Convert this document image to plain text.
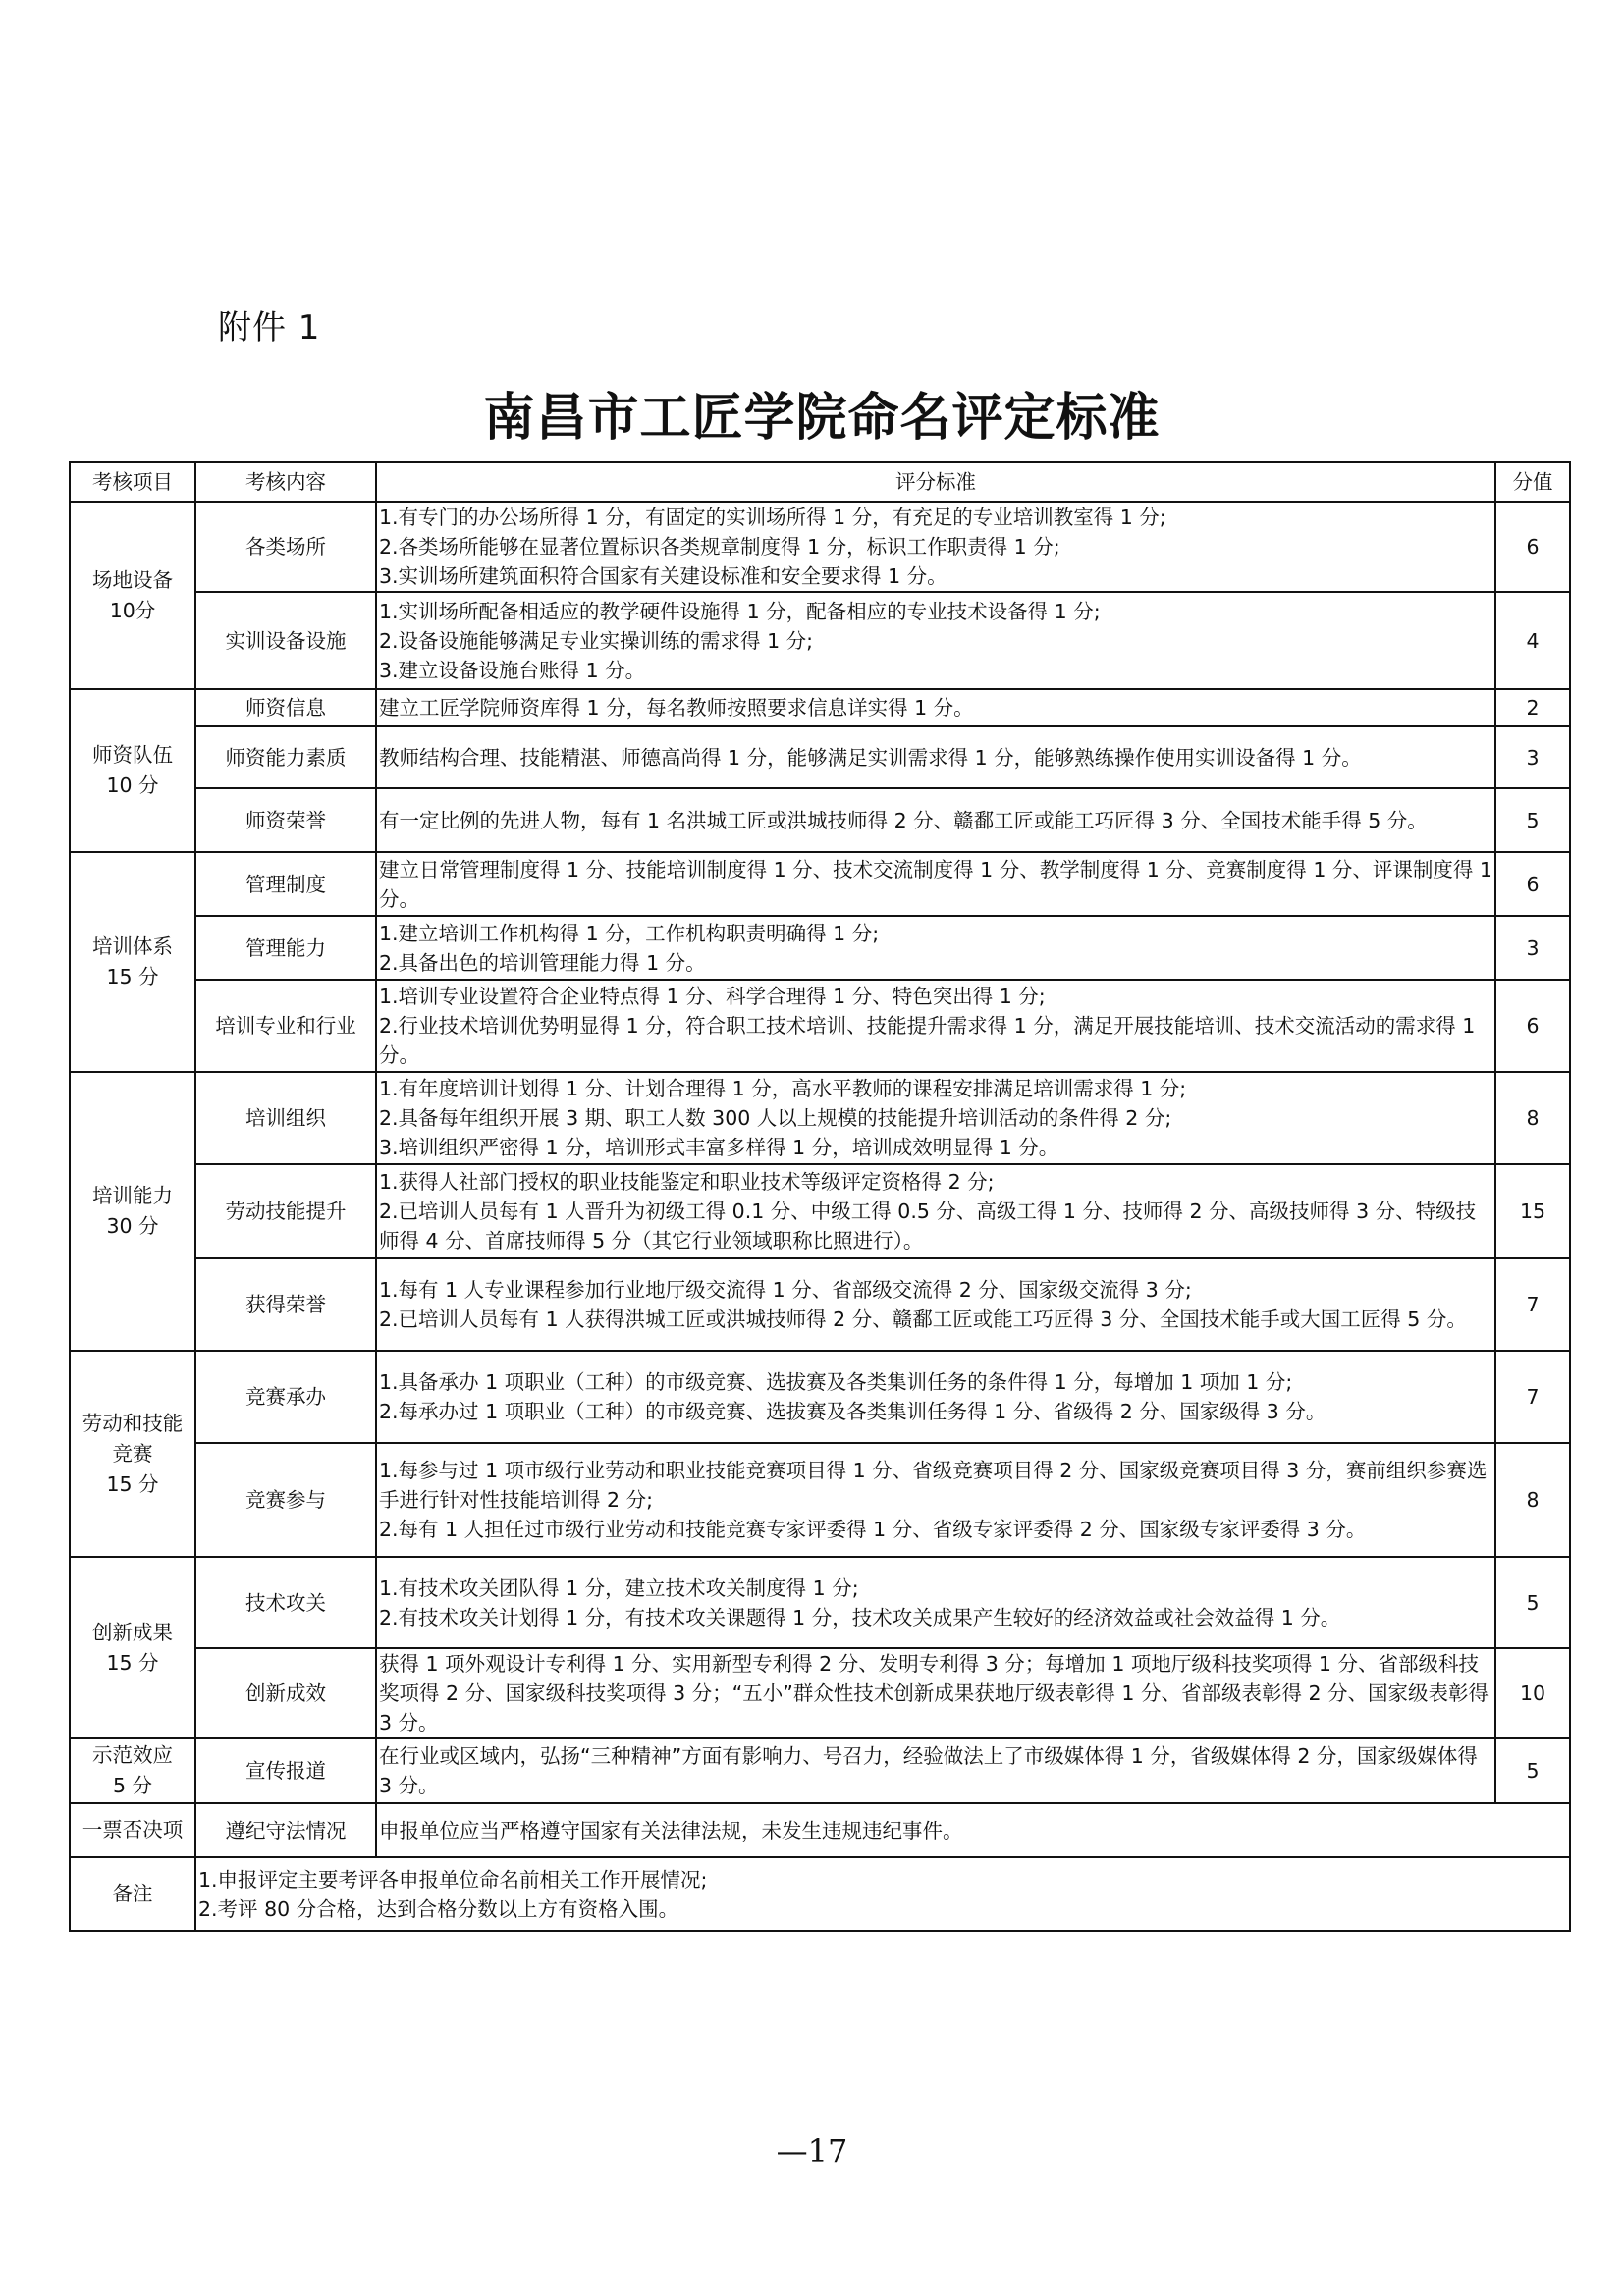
附件 1
南昌市工匠学院命名评定标准
考核项目	考核内容	评分标准	分值
场地设备
10分	各类场所	1.有专门的办公场所得 1 分，有固定的实训场所得 1 分，有充足的专业培训教室得 1 分;
2.各类场所能够在显著位置标识各类规章制度得 1 分，标识工作职责得 1 分;
3.实训场所建筑面积符合国家有关建设标准和安全要求得 1 分。	6
	实训设备设施	1.实训场所配备相适应的教学硬件设施得 1 分，配备相应的专业技术设备得 1 分;
2.设备设施能够满足专业实操训练的需求得 1 分;
3.建立设备设施台账得 1 分。	4
师资队伍
10 分	师资信息	建立工匠学院师资库得 1 分，每名教师按照要求信息详实得 1 分。	2
	师资能力素质	教师结构合理、技能精湛、师德高尚得 1 分，能够满足实训需求得 1 分，能够熟练操作使用实训设备得 1 分。	3
	师资荣誉	有一定比例的先进人物，每有 1 名洪城工匠或洪城技师得 2 分、赣鄱工匠或能工巧匠得 3 分、全国技术能手得 5 分。	5
培训体系
15 分	管理制度	建立日常管理制度得 1 分、技能培训制度得 1 分、技术交流制度得 1 分、教学制度得 1 分、竞赛制度得 1 分、评课制度得 1 分。	6
	管理能力	1.建立培训工作机构得 1 分，工作机构职责明确得 1 分;
2.具备出色的培训管理能力得 1 分。	3
	培训专业和行业	1.培训专业设置符合企业特点得 1 分、科学合理得 1 分、特色突出得 1 分;
2.行业技术培训优势明显得 1 分，符合职工技术培训、技能提升需求得 1 分，满足开展技能培训、技术交流活动的需求得 1 分。	6
培训能力
30 分	培训组织	1.有年度培训计划得 1 分、计划合理得 1 分，高水平教师的课程安排满足培训需求得 1 分;
2.具备每年组织开展 3 期、职工人数 300 人以上规模的技能提升培训活动的条件得 2 分;
3.培训组织严密得 1 分，培训形式丰富多样得 1 分，培训成效明显得 1 分。	8
	劳动技能提升	1.获得人社部门授权的职业技能鉴定和职业技术等级评定资格得 2 分;
2.已培训人员每有 1 人晋升为初级工得 0.1 分、中级工得 0.5 分、高级工得 1 分、技师得 2 分、高级技师得 3 分、特级技师得 4 分、首席技师得 5 分（其它行业领域职称比照进行）。	15
	获得荣誉	1.每有 1 人专业课程参加行业地厅级交流得 1 分、省部级交流得 2 分、国家级交流得 3 分;
2.已培训人员每有 1 人获得洪城工匠或洪城技师得 2 分、赣鄱工匠或能工巧匠得 3 分、全国技术能手或大国工匠得 5 分。	7
劳动和技能
竞赛
15 分	竞赛承办	1.具备承办 1 项职业（工种）的市级竞赛、选拔赛及各类集训任务的条件得 1 分，每增加 1 项加 1 分;
2.每承办过 1 项职业（工种）的市级竞赛、选拔赛及各类集训任务得 1 分、省级得 2 分、国家级得 3 分。	7
	竞赛参与	1.每参与过 1 项市级行业劳动和职业技能竞赛项目得 1 分、省级竞赛项目得 2 分、国家级竞赛项目得 3 分，赛前组织参赛选手进行针对性技能培训得 2 分;
2.每有 1 人担任过市级行业劳动和技能竞赛专家评委得 1 分、省级专家评委得 2 分、国家级专家评委得 3 分。	8
创新成果
15 分	技术攻关	1.有技术攻关团队得 1 分，建立技术攻关制度得 1 分;
2.有技术攻关计划得 1 分，有技术攻关课题得 1 分，技术攻关成果产生较好的经济效益或社会效益得 1 分。	5
	创新成效	获得 1 项外观设计专利得 1 分、实用新型专利得 2 分、发明专利得 3 分；每增加 1 项地厅级科技奖项得 1 分、省部级科技奖项得 2 分、国家级科技奖项得 3 分；“五小”群众性技术创新成果获地厅级表彰得 1 分、省部级表彰得 2 分、国家级表彰得 3 分。	10
示范效应
5 分	宣传报道	在行业或区域内，弘扬“三种精神”方面有影响力、号召力，经验做法上了市级媒体得 1 分，省级媒体得 2 分，国家级媒体得 3 分。	5
一票否决项	遵纪守法情况	申报单位应当严格遵守国家有关法律法规，未发生违规违纪事件。	
备注	1.申报评定主要考评各申报单位命名前相关工作开展情况;
2.考评 80 分合格，达到合格分数以上方有资格入围。		
—17
